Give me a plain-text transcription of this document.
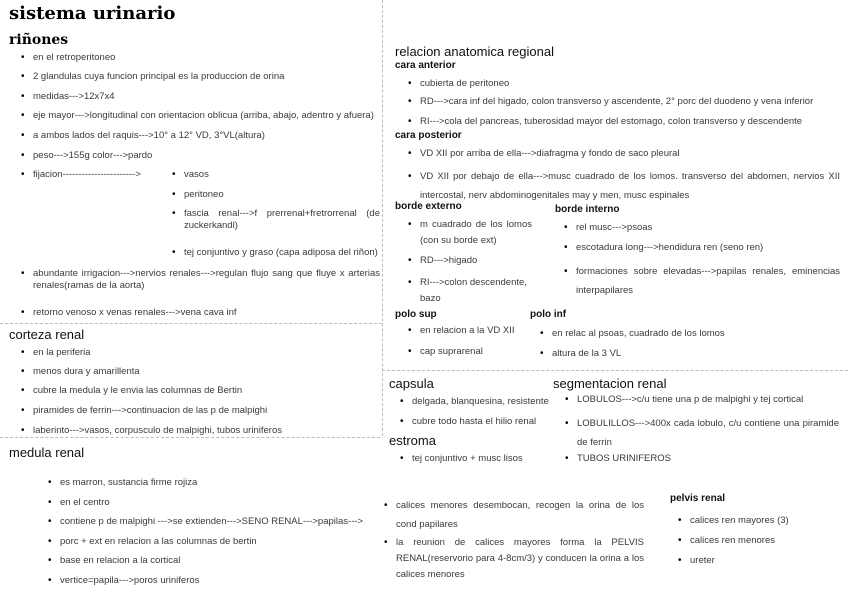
sistema urinario
riñones
• en el retroperitoneo
• 2 glandulas cuya funcion principal es la produccion de orina
• medidas--->12x7x4
• eje mayor--->longitudinal con orientacion oblicua (arriba, abajo, adentro y afuera)
• a ambos lados del raquis--->10° a 12° VD, 3°VL(altura)
• peso--->155g color--->pardo
• fijacion----------------------->
•	vasos
• peritoneo
• fascia renal--->f prerrenal+fretrorrenal (de zuckerkandl)
• tej conjuntivo y graso (capa adiposa del riñon)
• abundante irrigacion--->nervios renales--->regulan flujo sang que fluye x arterias renales(ramas de la aorta)
• retorno venoso x venas renales--->vena cava inf
corteza renal
• en la periferia
• menos dura y amarillenta
• cubre la medula y le envia las columnas de Bertin
• piramides de ferrin--->continuacion de las p de malpighi
• laberinto--->vasos, corpusculo de malpighi, tubos uriniferos
medula renal
• es marron, sustancia firme rojiza
• en el centro
• contiene p de malpighi --->se extienden--->SENO RENAL--->papilas--->
• porc + ext en relacion a las columnas de bertin
• base en relacion a la cortical
• vertice=papila--->poros uriniferos
• calices menores desembocan, recogen la orina de los cond papilares
• la reunion de calices mayores forma la PELVIS RENAL(reservorio para 4-8cm/3) y conducen la orina a los calices menores
pelvis renal
• calices ren mayores (3)
• calices ren menores
• ureter
relacion anatomica regional
cara anterior
• cubierta de peritoneo
• RD--->cara inf del higado, colon transverso y ascendente, 2° porc del duodeno y vena inferior
• RI--->cola del pancreas, tuberosidad mayor del estomago, colon transverso y descendente
cara posterior
• VD XII por arriba de ella--->diafragma y fondo de saco pleural
• VD XII por debajo de ella--->musc cuadrado de los lomos. transverso del abdomen, nervios XII intercostal, nerv abdominogenitales may y men, musc espinales
borde externo
• m cuadrado de los lomos (con su borde ext)
• RD--->higado
• RI--->colon descendente, bazo
borde interno
• rel musc--->psoas
• escotadura long--->hendidura ren (seno ren)
• formaciones sobre elevadas--->papilas renales, eminencias interpapilares
polo sup
• en relacion a la VD XII
• cap suprarenal
polo inf
• en relac al psoas, cuadrado de los lomos
• altura de la 3 VL
capsula
• delgada, blanquesina, resistente
• cubre todo hasta el hilio renal
estroma
• tej conjuntivo + musc lisos
segmentacion renal
• LOBULOS--->c/u tiene una p de malpighi y tej cortical
• LOBULILLOS--->400x cada lobulo, c/u contiene una piramide de ferrin
• TUBOS URINIFEROS
